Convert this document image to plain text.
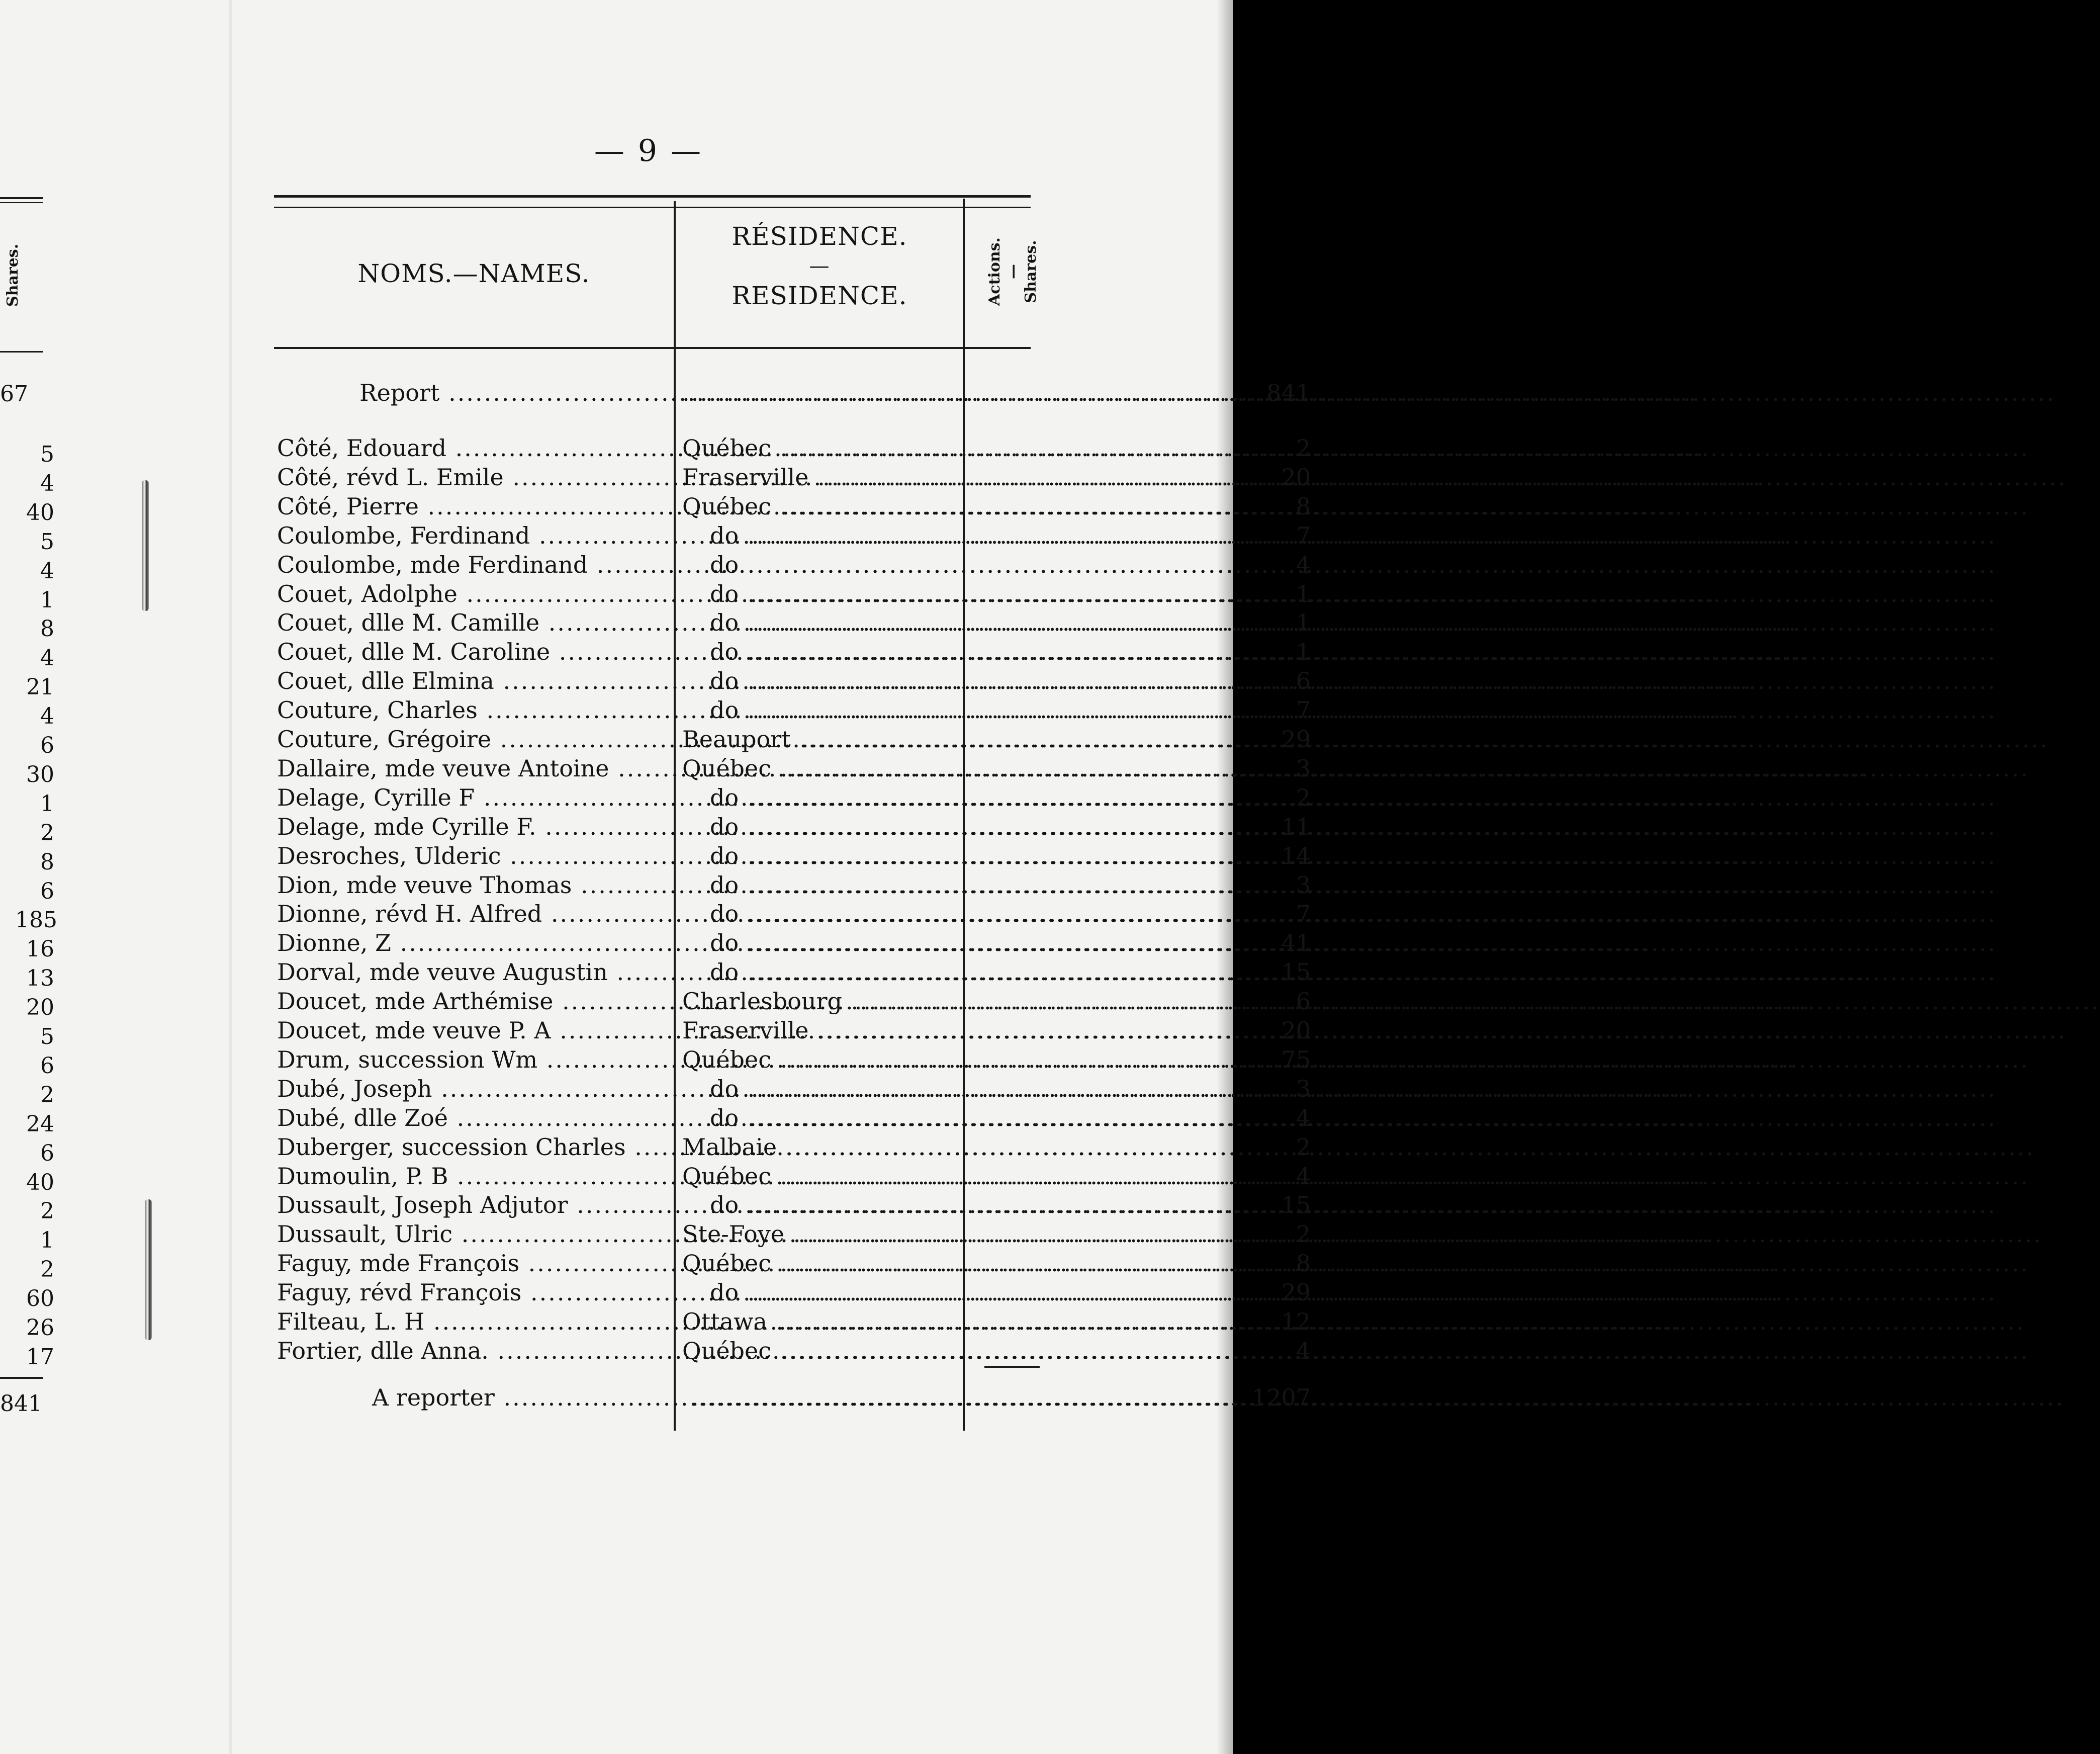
Shares.
67
841
5
4
40
5
4
1
8
4
21
4
6
30
1
2
8
6
185
16
13
20
5
6
2
24
6
40
2
1
2
60
26
17
— 9 —
NOMS.—NAMES.
RÉSIDENCE.
—
RESIDENCE.	Actions. — Shares.
Report ..... .....	841
Côté, Edouard .....	Québec .....	2
Côté, révd L. Emile .....	Fraserville .....	20
Côté, Pierre .....	Québec .....	8
Coulombe, Ferdinand .....	do .....	7
Coulombe, mde Ferdinand .....	do .....	4
Couet, Adolphe .....	do .....	1
Couet, dlle M. Camille .....	do .....	1
Couet, dlle M. Caroline .....	do .....	1
Couet, dlle Elmina .....	do .....	6
Couture, Charles .....	do .....	7
Couture, Grégoire .....	Beauport .....	29
Dallaire, mde veuve Antoine .....	Québec .....	3
Delage, Cyrille F .....	do .....	2
Delage, mde Cyrille F. .....	do .....	11
Desroches, Ulderic .....	do .....	14
Dion, mde veuve Thomas .....	do .....	3
Dionne, révd H. Alfred .....	do .....	7
Dionne, Z .....	do .....	41
Dorval, mde veuve Augustin .....	do .....	15
Doucet, mde Arthémise .....	Charlesbourg .....	6
Doucet, mde veuve P. A .....	Fraserville .....	20
Drum, succession Wm .....	Québec .....	75
Dubé, Joseph .....	do .....	3
Dubé, dlle Zoé .....	do .....	4
Duberger, succession Charles .....	Malbaie .....	2
Dumoulin, P. B .....	Québec .....	4
Dussault, Joseph Adjutor .....	do .....	15
Dussault, Ulric .....	Ste-Foye .....	2
Faguy, mde François .....	Québec .....	8
Faguy, révd François .....	do .....	29
Filteau, L. H .....	Ottawa .....	12
Fortier, dlle Anna. .....	Québec .....	4
A reporter ..... .....	1207
